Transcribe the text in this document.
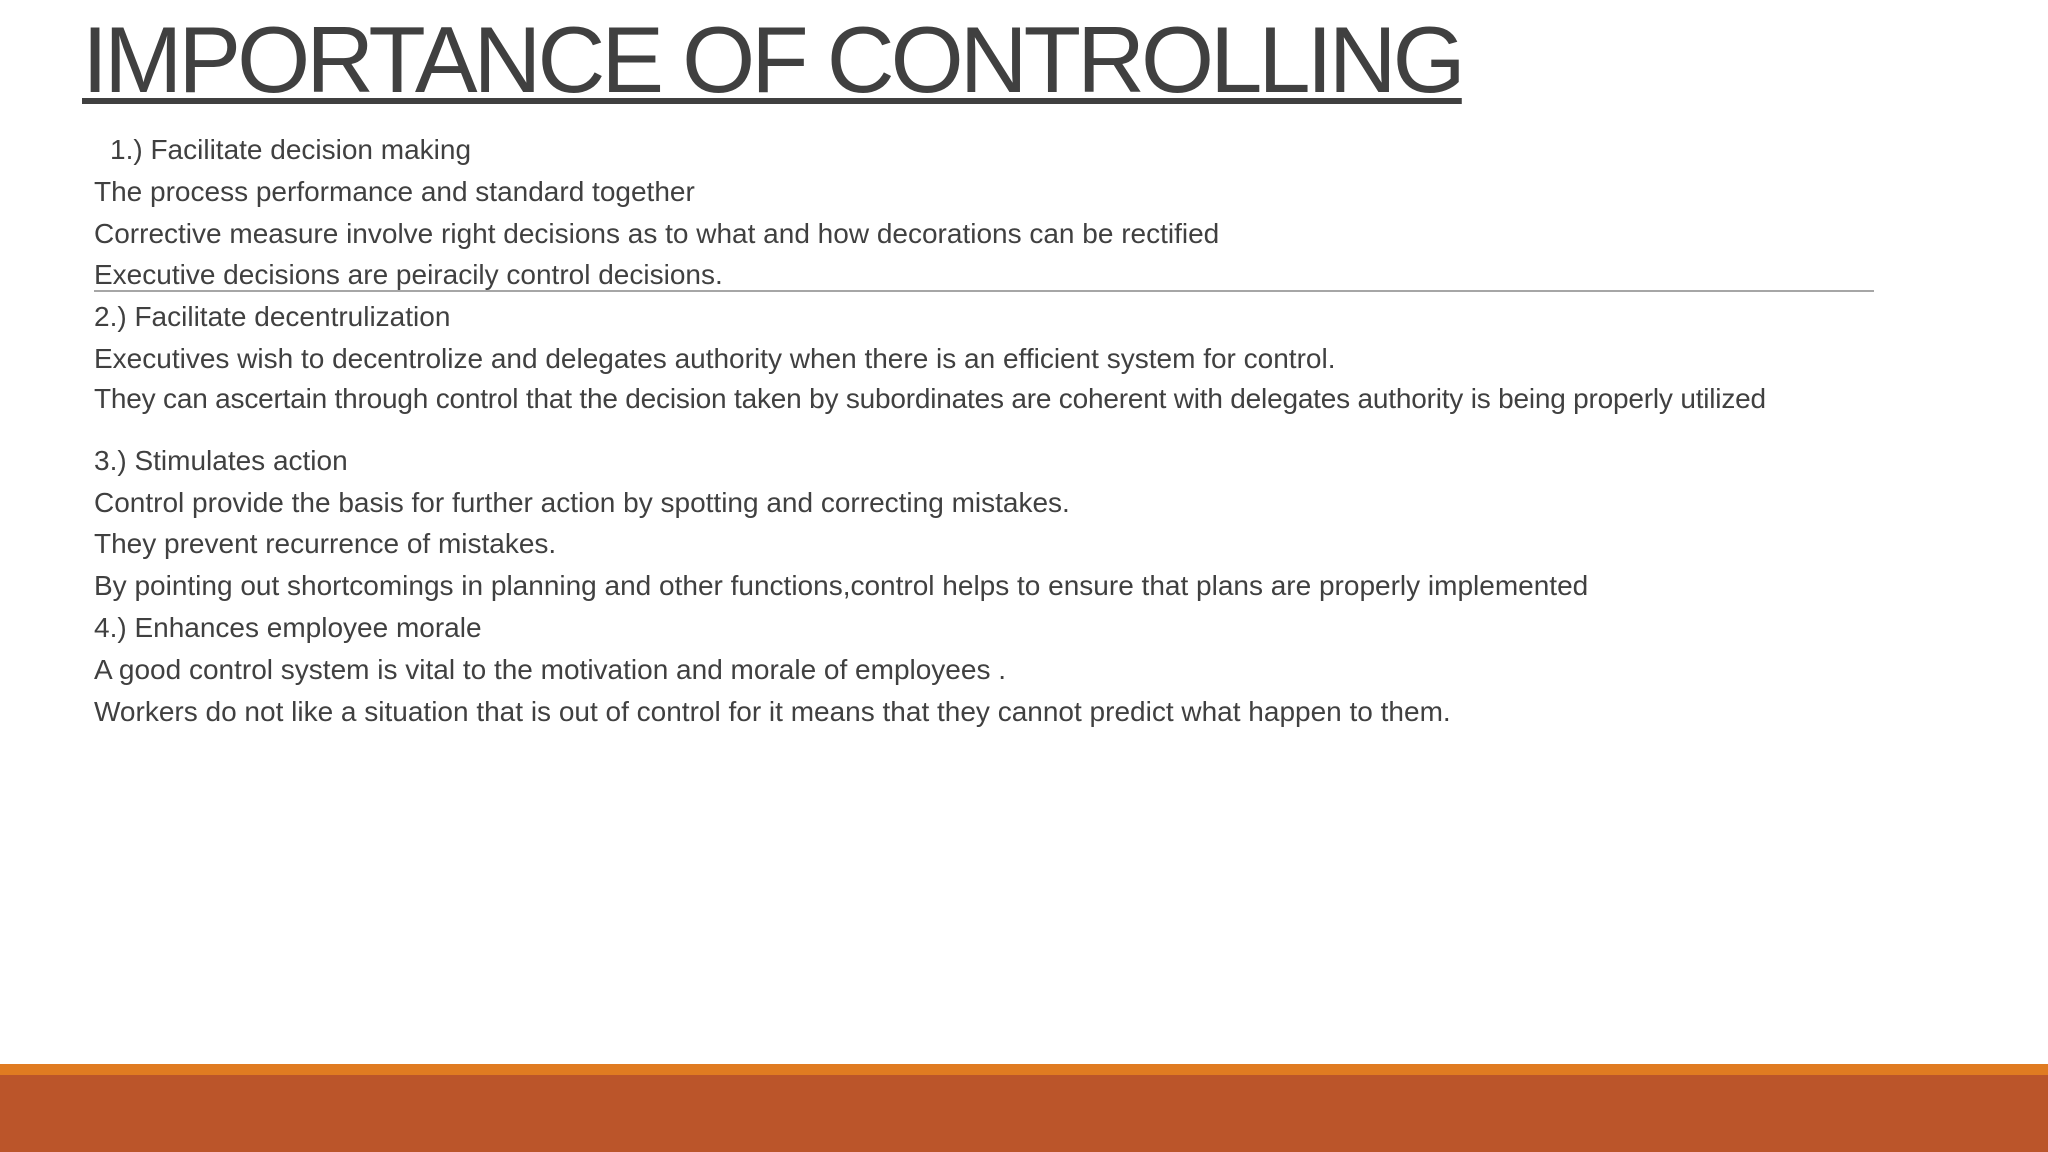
IMPORTANCE OF CONTROLLING
1.) Facilitate decision making
The process performance and standard together
Corrective measure involve right decisions as to what and how decorations can be rectified
Executive decisions are peiracily control decisions.
2.) Facilitate decentrulization
Executives wish to decentrolize and delegates authority when there is an efficient system for control.
They can ascertain through control that the decision taken by subordinates are coherent with delegates authority is being properly utilized
3.) Stimulates action
Control provide the basis for further action by spotting and correcting mistakes.
They prevent recurrence of mistakes.
By pointing out shortcomings in planning and other functions,control helps to ensure that plans are properly implemented
4.) Enhances employee morale
A good control system is vital to the motivation and morale of employees .
Workers do not like a situation that is out of control for it means that they cannot predict what happen to them.
